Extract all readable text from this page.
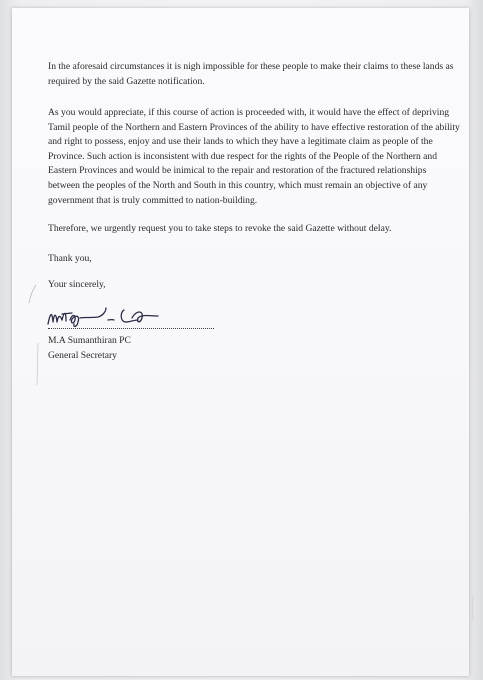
In the aforesaid circumstances it is nigh impossible for these people to make their claims to these lands as required by the said Gazette notification.

As you would appreciate, if this course of action is proceeded with, it would have the effect of depriving Tamil people of the Northern and Eastern Provinces of the ability to have effective restoration of the ability and right to possess, enjoy and use their lands to which they have a legitimate claim as people of the Province. Such action is inconsistent with due respect for the rights of the People of the Northern and Eastern Provinces and would be inimical to the repair and restoration of the fractured relationships between the peoples of the North and South in this country, which must remain an objective of any government that is truly committed to nation-building.

Therefore, we urgently request you to take steps to revoke the said Gazette without delay.

Thank you,

Your sincerely,

M.A Sumanthiran PC

General Secretary
